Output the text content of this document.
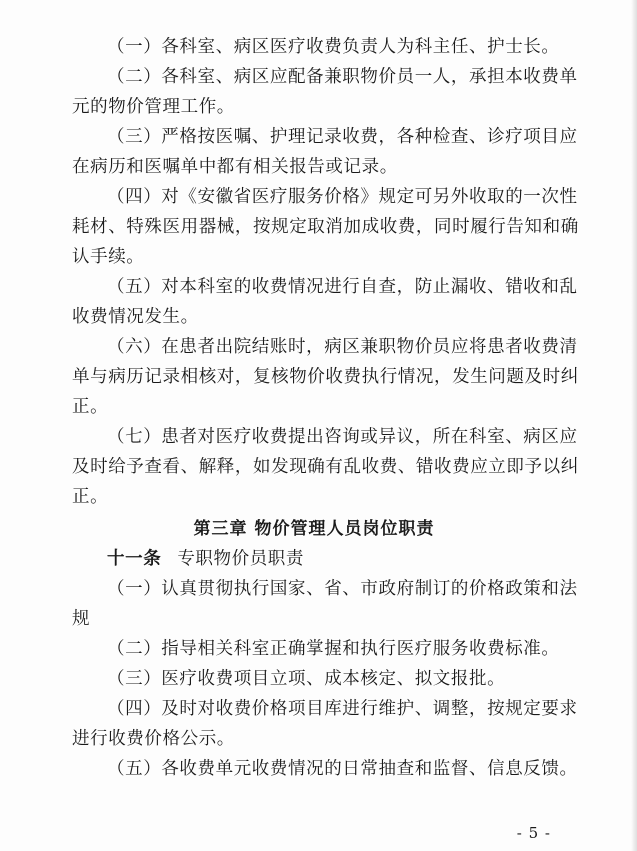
（一）各科室、病区医疗收费负责人为科主任、护士长。
（二）各科室、病区应配备兼职物价员一人，承担本收费单
元的物价管理工作。
（三）严格按医嘱、护理记录收费，各种检查、诊疗项目应
在病历和医嘱单中都有相关报告或记录。
（四）对《安徽省医疗服务价格》规定可另外收取的一次性
耗材、特殊医用器械，按规定取消加成收费，同时履行告知和确
认手续。
（五）对本科室的收费情况进行自查，防止漏收、错收和乱
收费情况发生。
（六）在患者出院结账时，病区兼职物价员应将患者收费清
单与病历记录相核对，复核物价收费执行情况，发生问题及时纠
正。
（七）患者对医疗收费提出咨询或异议，所在科室、病区应
及时给予查看、解释，如发现确有乱收费、错收费应立即予以纠
正。
第三章 物价管理人员岗位职责
十一条 专职物价员职责
（一）认真贯彻执行国家、省、市政府制订的价格政策和法
规
（二）指导相关科室正确掌握和执行医疗服务收费标准。
（三）医疗收费项目立项、成本核定、拟文报批。
（四）及时对收费价格项目库进行维护、调整，按规定要求
进行收费价格公示。
（五）各收费单元收费情况的日常抽查和监督、信息反馈。
- 5 -
